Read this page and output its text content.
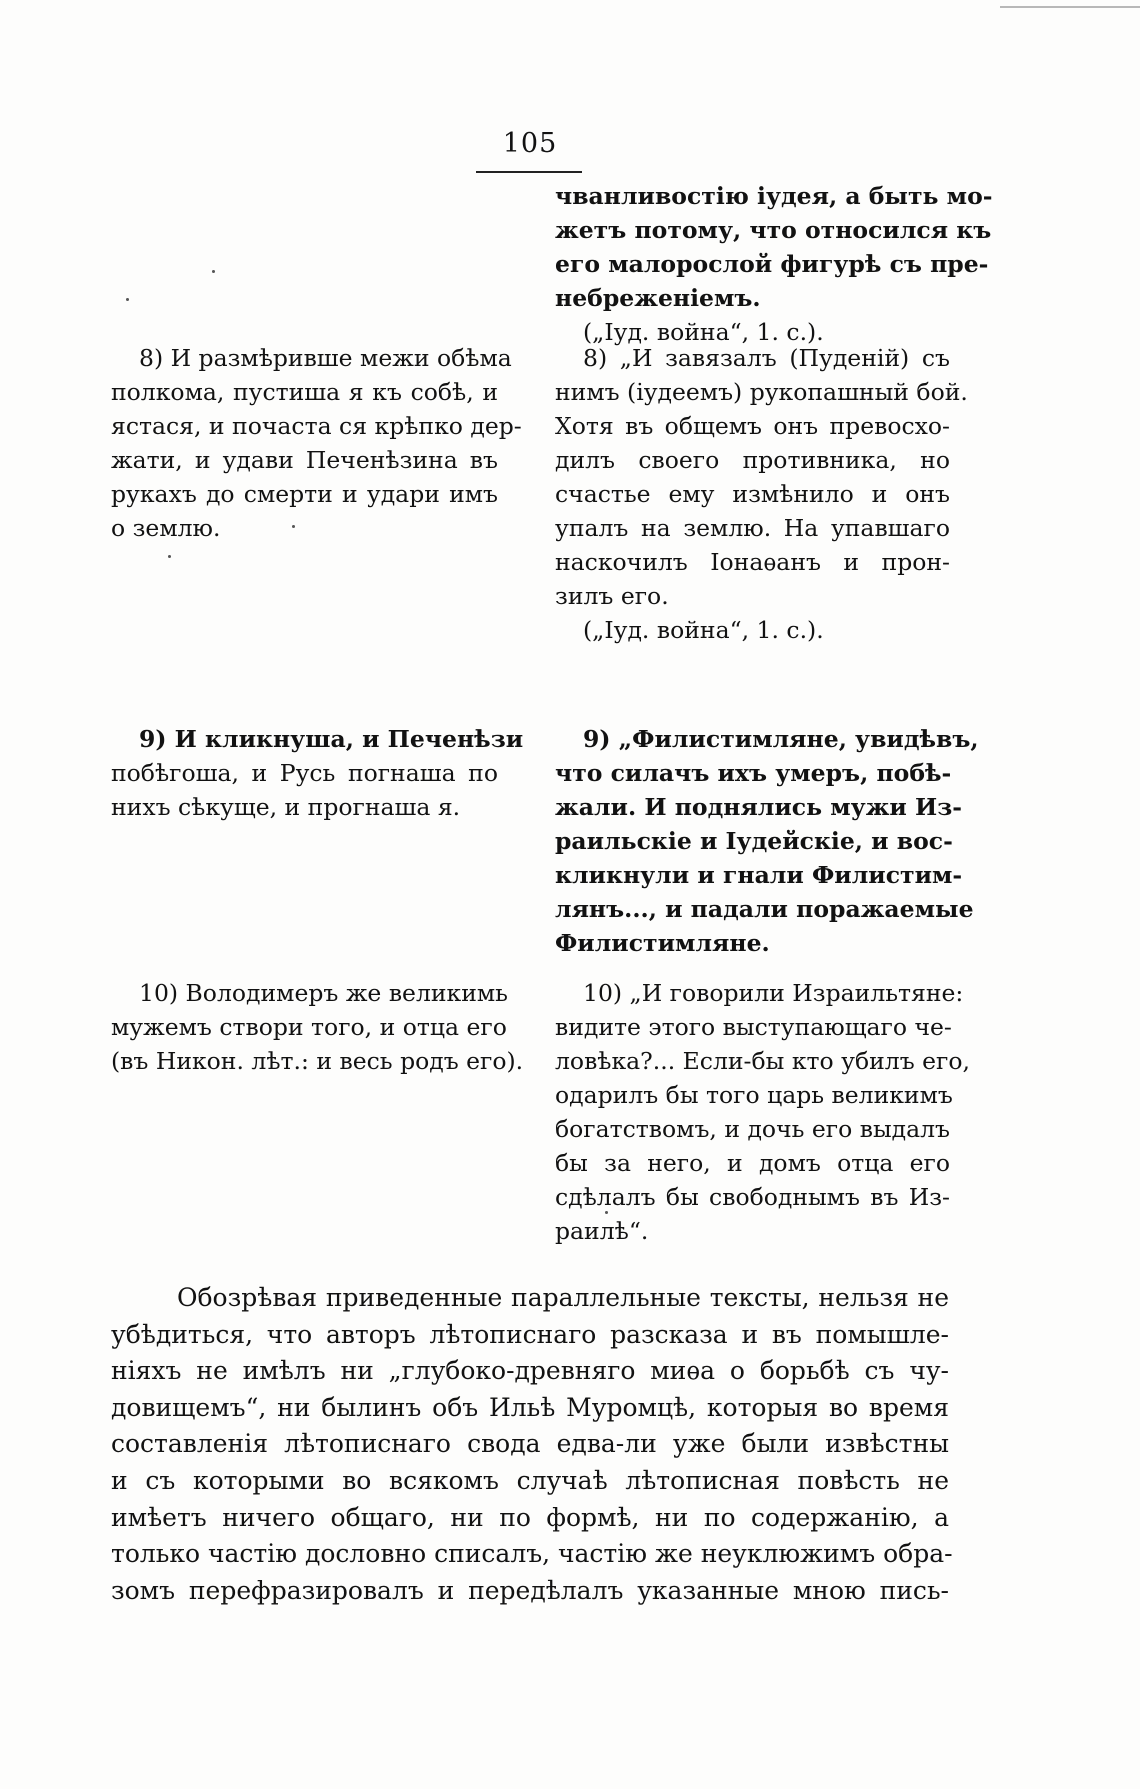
105
чванливостію іудея, а быть мо-
жетъ потому, что относился къ
его малорослой фигурѣ съ пре-
небреженіемъ.
(„Іуд. война“, 1. с.).
8) И размѣривше межи обѣма
полкома, пустиша я къ собѣ, и
ястася, и почаста ся крѣпко дер-
жати, и удави Печенѣзина въ
рукахъ до смерти и удари имъ
о землю.
8) „И завязалъ (Пуденій) съ
нимъ (іудеемъ) рукопашный бой.
Хотя въ общемъ онъ превосхо-
дилъ своего противника, но
счастье ему измѣнило и онъ
упалъ на землю. На упавшаго
наскочилъ Іонаѳанъ и прон-
зилъ его.
(„Іуд. война“, 1. с.).
9) И кликнуша, и Печенѣзи
побѣгоша, и Русь погнаша по
нихъ сѣкуще, и прогнаша я.
9) „Филистимляне, увидѣвъ,
что силачъ ихъ умеръ, побѣ-
жали. И поднялись мужи Из-
раильскіе и Іудейскіе, и вос-
кликнули и гнали Филистим-
лянъ..., и падали поражаемые
Филистимляне.
10) Володимеръ же великимь
мужемъ створи того, и отца его
(въ Никон. лѣт.: и весь родъ его).
10) „И говорили Израильтяне:
видите этого выступающаго че-
ловѣка?... Если-бы кто убилъ его,
одарилъ бы того царь великимъ
богатствомъ, и дочь его выдалъ
бы за него, и домъ отца его
сдѣлалъ бы свободнымъ въ Из-
раилѣ“.
Обозрѣвая приведенные параллельные тексты, нельзя не
убѣдиться, что авторъ лѣтописнаго разсказа и въ помышле-
ніяхъ не имѣлъ ни „глубоко-древняго миѳа о борьбѣ съ чу-
довищемъ“, ни былинъ объ Ильѣ Муромцѣ, которыя во время
составленія лѣтописнаго свода едва-ли уже были извѣстны
и съ которыми во всякомъ случаѣ лѣтописная повѣсть не
имѣетъ ничего общаго, ни по формѣ, ни по содержанію, а
только частію дословно списалъ, частію же неуклюжимъ обра-
зомъ перефразировалъ и передѣлалъ указанные мною пись-
